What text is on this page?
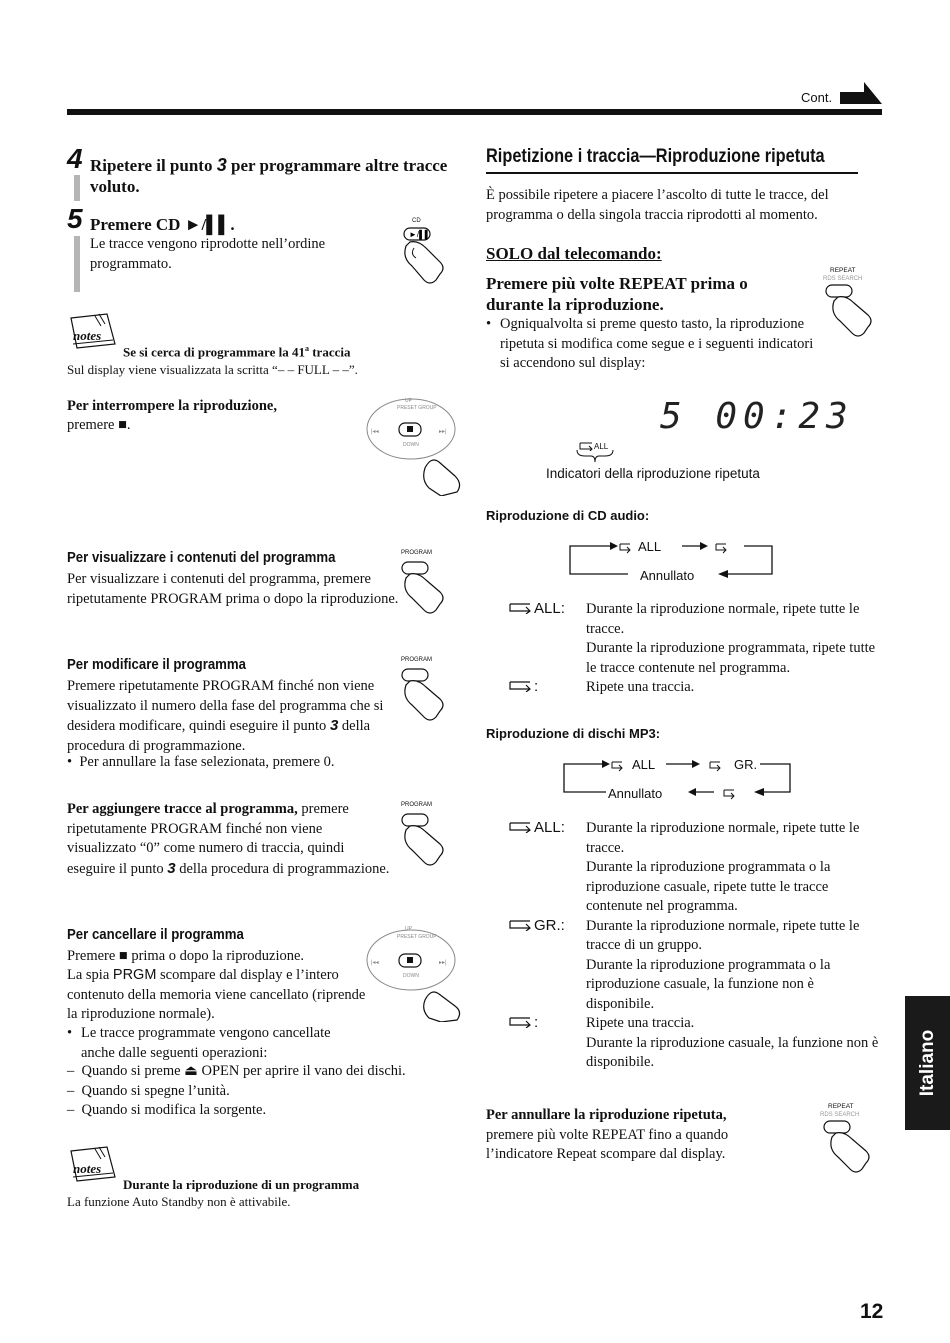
Cont.
4 Ripetere il punto 3 per programmare altre tracce voluto.
5 Premere CD ►/▌▌.
Le tracce vengono riprodotte nell’ordine programmato.
CD
►/▌▌
notes
Se si cerca di programmare la 41$^a$ traccia
Sul display viene visualizzata la scritta “– – FULL – –”.
Per interrompere la riproduzione,
premere ■.	|◂◂	▸▸|
UP
PRESET GROUP
DOWN
Per visualizzare i contenuti del programma
Per visualizzare i contenuti del programma, premere ripetutamente PROGRAM prima o dopo la riproduzione.
PROGRAM
Per modificare il programma
Premere ripetutamente PROGRAM finché non viene visualizzato il numero della fase del programma che si desidera modificare, quindi eseguire il punto 3 della procedura di programmazione.
•  Per annullare la fase selezionata, premere 0.
PROGRAM
Per aggiungere tracce al programma, premere ripetutamente PROGRAM finché non viene visualizzato “0” come numero di traccia, quindi eseguire il punto 3 della procedura di programmazione.
PROGRAM
Per cancellare il programma
Premere ■ prima o dopo la riproduzione.
La spia PRGM scompare dal display e l’intero contenuto della memoria viene cancellato (riprende la riproduzione normale).
• Le tracce programmate vengono cancellate anche dalle seguenti operazioni:
–  Quando si preme ⏏ OPEN per aprire il vano dei dischi.
–  Quando si spegne l’unità.
–  Quando si modifica la sorgente.
|◂◂	▸▸|
UP
PRESET GROUP
DOWN
notes
Durante la riproduzione di un programma
La funzione Auto Standby non è attivabile.
Ripetizione i traccia—Riproduzione ripetuta
È possibile ripetere a piacere l’ascolto di tutte le tracce, del programma o della singola traccia riprodotti al momento.
SOLO dal telecomando:
Premere più volte REPEAT prima o durante la riproduzione.
• Ogniqualvolta si preme questo tasto, la riproduzione ripetuta si modifica come segue e i seguenti indicatori si accendono sul display:
REPEAT
RDS SEARCH
5 00:23
ALL
Indicatori della riproduzione ripetuta
Riproduzione di CD audio:
ALL
Annullato
ALL:	Durante la riproduzione normale, ripete tutte le tracce.
Durante la riproduzione programmata, ripete tutte le tracce contenute nel programma.
:	Ripete una traccia.
Riproduzione di dischi MP3:
ALL	GR.
Annullato
ALL:	Durante la riproduzione normale, ripete tutte le tracce.
Durante la riproduzione programmata o la riproduzione casuale, ripete tutte le tracce contenute nel programma.
GR.:	Durante la riproduzione normale, ripete tutte le tracce di un gruppo.
Durante la riproduzione programmata o la riproduzione casuale, la funzione non è disponibile.
:	Ripete una traccia.
Durante la riproduzione casuale, la funzione non è disponibile.
Per annullare la riproduzione ripetuta, premere più volte REPEAT fino a quando l’indicatore Repeat scompare dal display.
REPEAT
RDS SEARCH
Italiano
12
